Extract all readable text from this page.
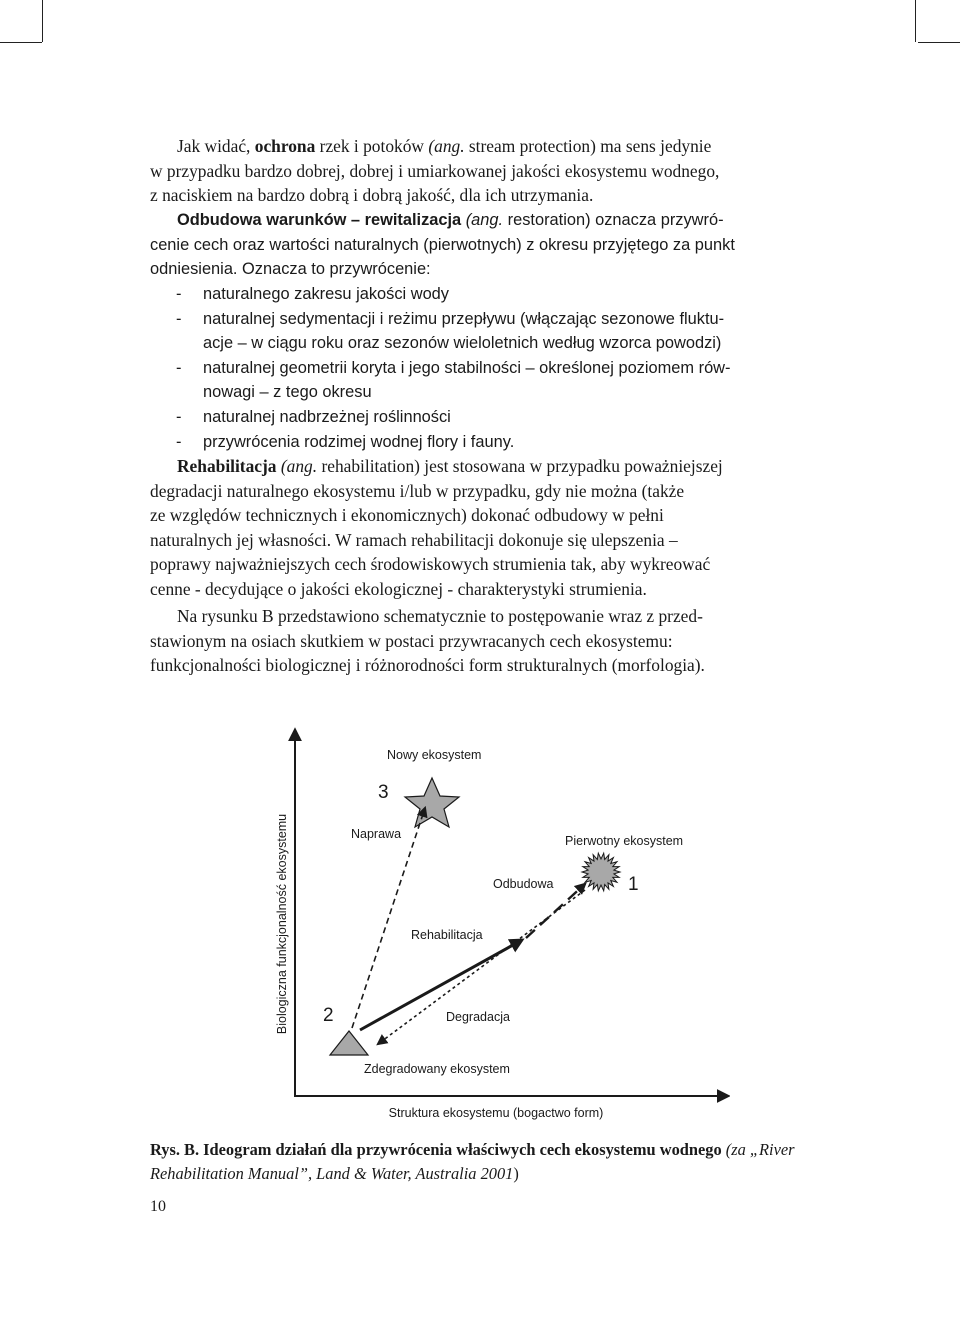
Jak widać, ochrona rzek i potoków (ang. stream protection) ma sens jedynie
w przypadku bardzo dobrej, dobrej i umiarkowanej jakości ekosystemu wodnego,
z naciskiem na bardzo dobrą i dobrą jakość, dla ich utrzymania.

Odbudowa warunków – rewitalizacja (ang. restoration) oznacza przywró-
cenie cech oraz wartości naturalnych (pierwotnych) z okresu przyjętego za punkt
odniesienia. Oznacza to przywrócenie:

- naturalnego zakresu jakości wody
- naturalnej sedymentacji i reżimu przepływu (włączając sezonowe fluktu-
acje – w ciągu roku oraz sezonów wieloletnich według wzorca powodzi)
- naturalnej geometrii koryta i jego stabilności – określonej poziomem rów-
nowagi – z tego okresu
- naturalnej nadbrzeżnej roślinności
- przywrócenia rodzimej wodnej flory i fauny.

Rehabilitacja (ang. rehabilitation) jest stosowana w przypadku poważniejszej
degradacji naturalnego ekosystemu i/lub w przypadku, gdy nie można (także
ze względów technicznych i ekonomicznych) dokonać odbudowy w pełni
naturalnych jej własności. W ramach rehabilitacji dokonuje się ulepszenia –
poprawy najważniejszych cech środowiskowych strumienia tak, aby wykreować
cenne - decydujące o jakości ekologicznej - charakterystyki strumienia.

Na rysunku B przedstawiono schematycznie to postępowanie wraz z przed-
stawionym na osiach skutkiem w postaci przywracanych cech ekosystemu:
funkcjonalności biologicznej i różnorodności form strukturalnych (morfologia).

Biologiczna funkcjonalność ekosystemu
Struktura ekosystemu (bogactwo form)
Nowy ekosystem
3
Pierwotny ekosystem
1
2
Zdegradowany ekosystem
Naprawa
Rehabilitacja
Odbudowa
Degradacja
Rys. B. Ideogram działań dla przywrócenia właściwych cech ekosystemu wodnego (za „River
Rehabilitation Manual”, Land & Water, Australia 2001)
10
